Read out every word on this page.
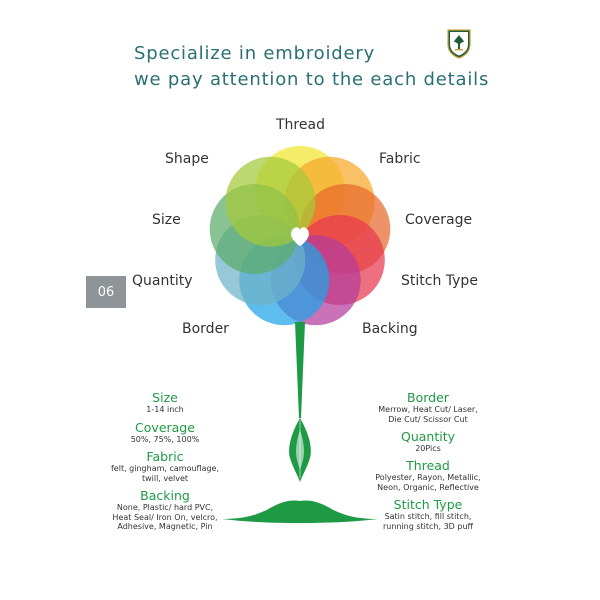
Specialize in embroidery
we pay attention to the each details
Thread
Fabric
Coverage
Stitch Type
Backing
Border
Quantity
Size
Shape
06
Size
1-14 inch
Coverage
50%, 75%, 100%
Fabric
felt, gingham, camouflage,
twill, velvet
Backing
None, Plastic/ hard PVC,
Heat Seal/ Iron On, velcro,
Adhesive, Magnetic, Pin
Border
Merrow, Heat Cut/ Laser,
Die Cut/ Scissor Cut
Quantity
20Pics
Thread
Polyester, Rayon, Metallic,
Neon, Organic, Reflective
Stitch Type
Satin stitch, fill stitch,
running stitch, 3D puff
